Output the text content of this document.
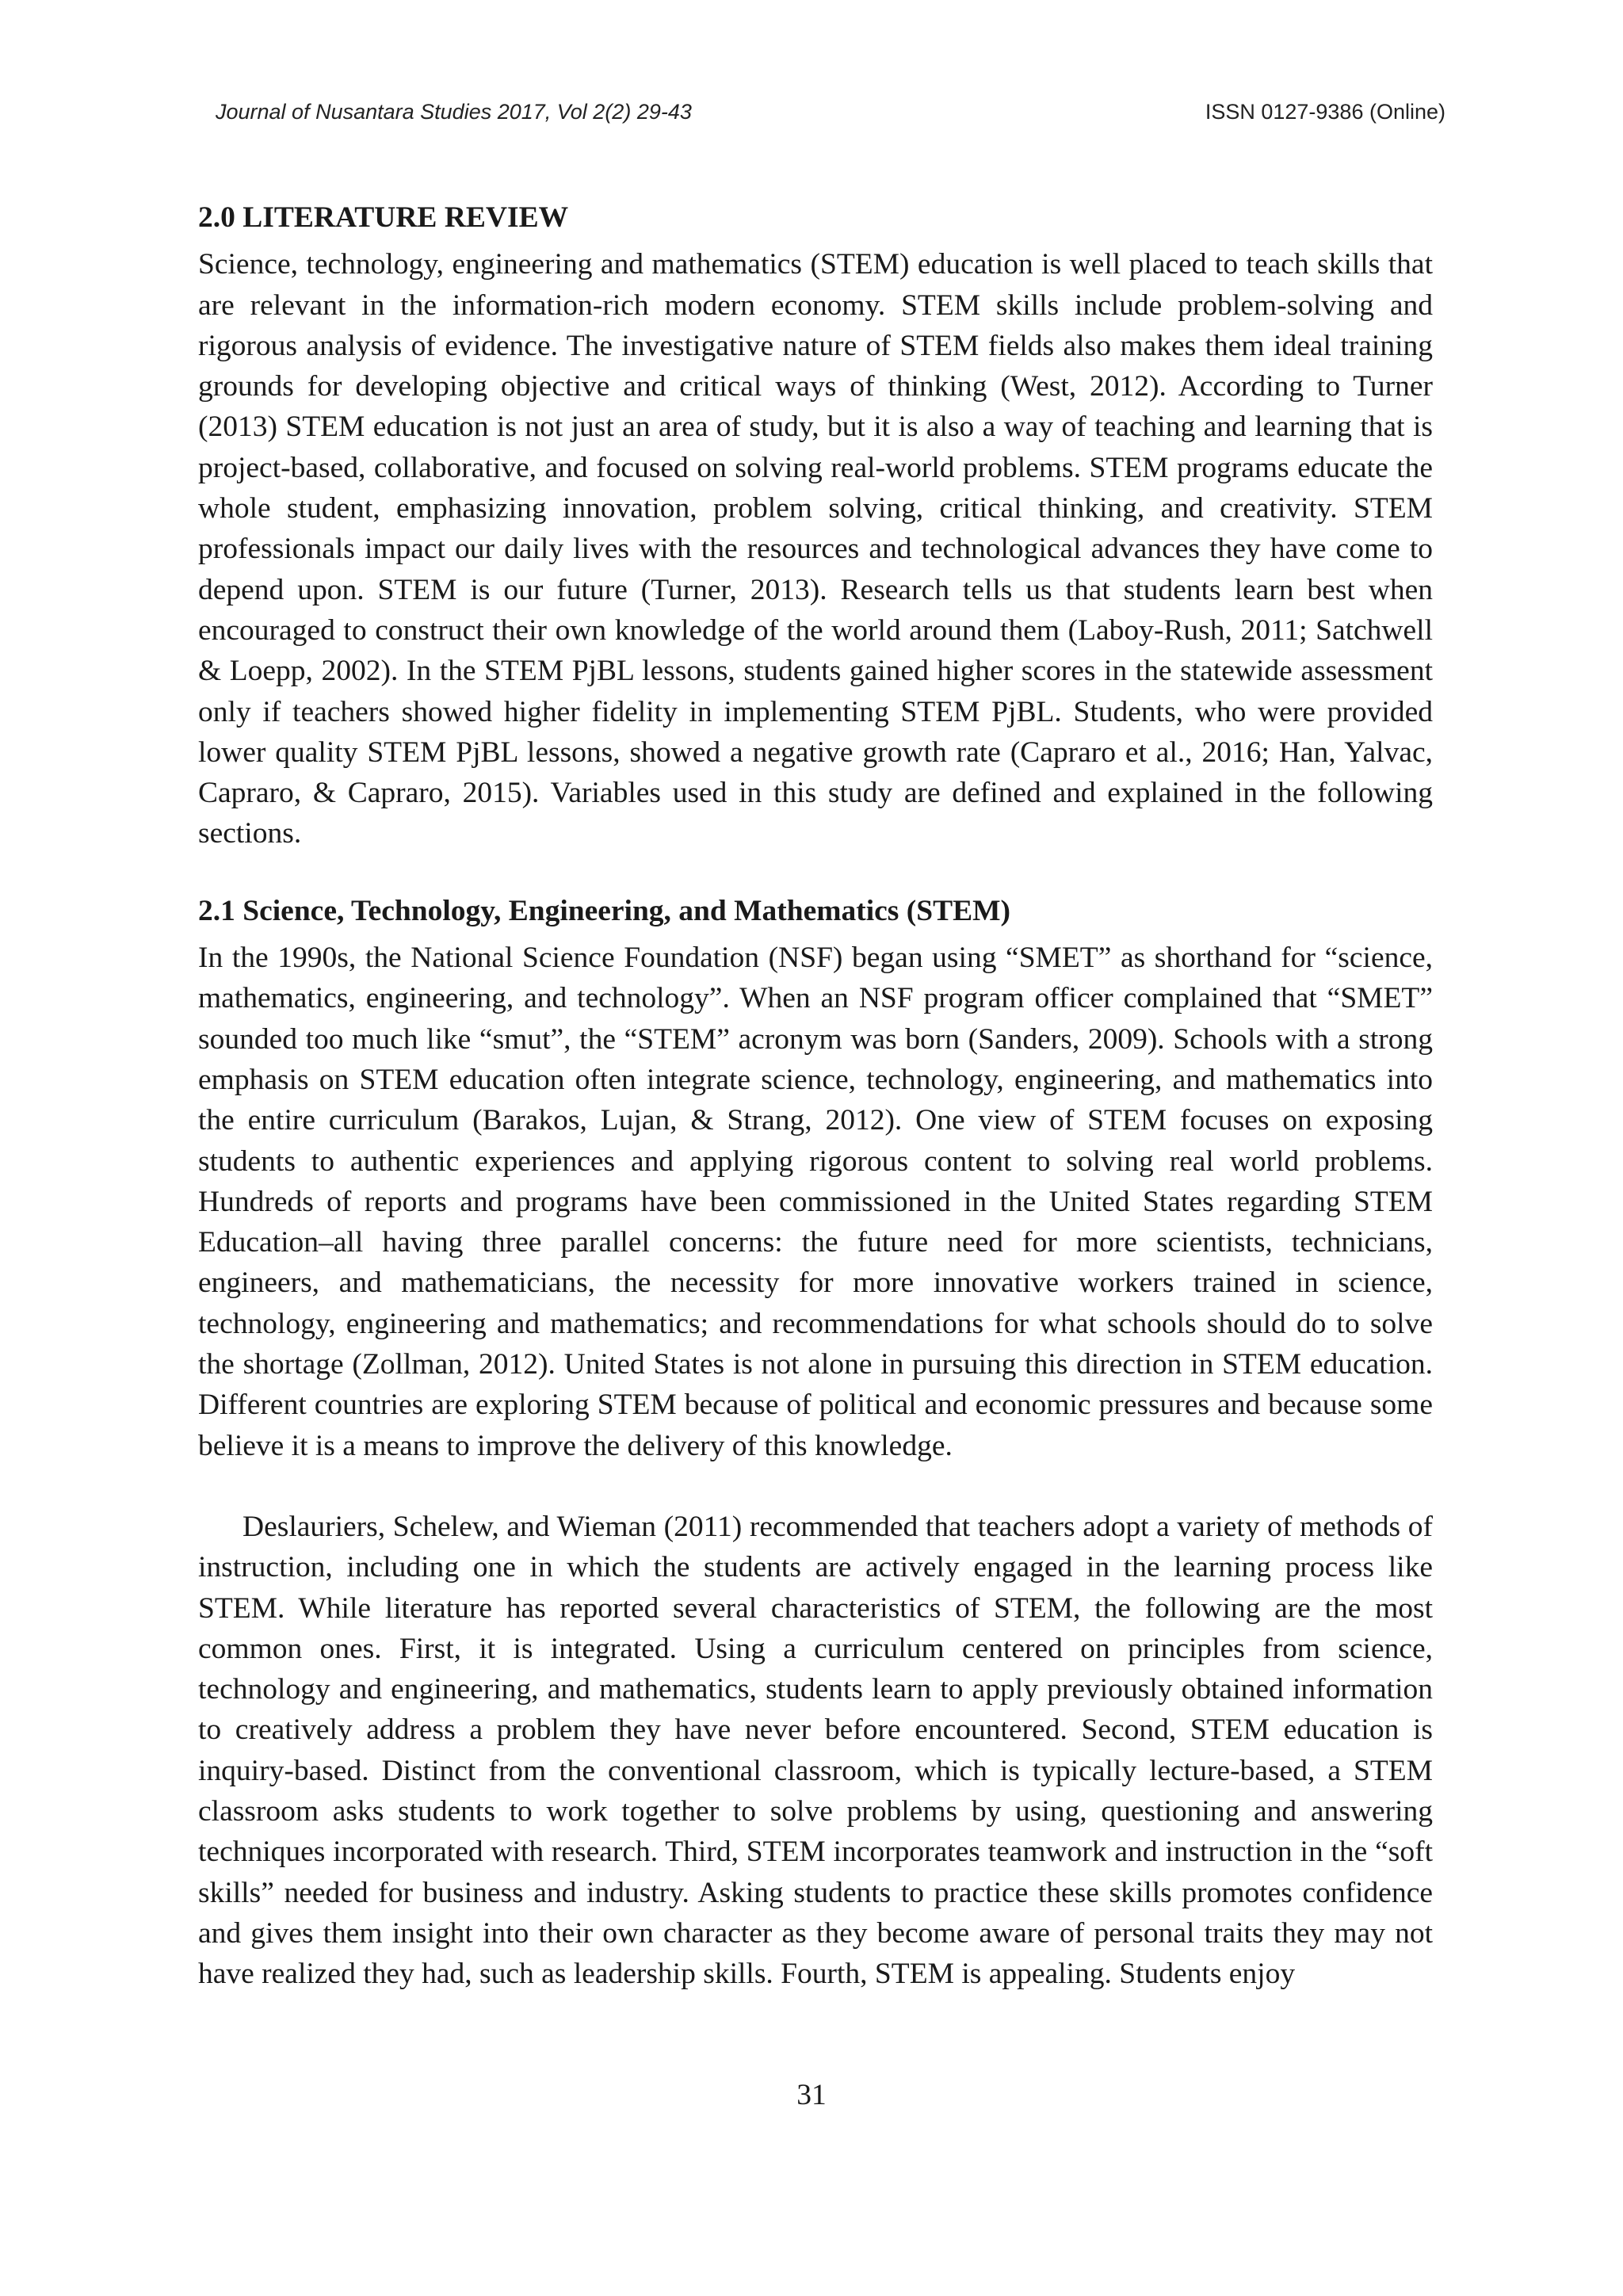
Journal of Nusantara Studies 2017, Vol 2(2) 29-43	ISSN 0127-9386 (Online)
2.0 LITERATURE REVIEW

Science, technology, engineering and mathematics (STEM) education is well placed to teach skills that are relevant in the information-rich modern economy. STEM skills include problem-solving and rigorous analysis of evidence. The investigative nature of STEM fields also makes them ideal training grounds for developing objective and critical ways of thinking (West, 2012). According to Turner (2013) STEM education is not just an area of study, but it is also a way of teaching and learning that is project-based, collaborative, and focused on solving real-world problems. STEM programs educate the whole student, emphasizing innovation, problem solving, critical thinking, and creativity. STEM professionals impact our daily lives with the resources and technological advances they have come to depend upon. STEM is our future (Turner, 2013). Research tells us that students learn best when encouraged to construct their own knowledge of the world around them (Laboy-Rush, 2011; Satchwell & Loepp, 2002). In the STEM PjBL lessons, students gained higher scores in the statewide assessment only if teachers showed higher fidelity in implementing STEM PjBL. Students, who were provided lower quality STEM PjBL lessons, showed a negative growth rate (Capraro et al., 2016; Han, Yalvac, Capraro, & Capraro, 2015). Variables used in this study are defined and explained in the following sections.

2.1 Science, Technology, Engineering, and Mathematics (STEM)

In the 1990s, the National Science Foundation (NSF) began using “SMET” as shorthand for “science, mathematics, engineering, and technology”. When an NSF program officer complained that “SMET” sounded too much like “smut”, the “STEM” acronym was born (Sanders, 2009). Schools with a strong emphasis on STEM education often integrate science, technology, engineering, and mathematics into the entire curriculum (Barakos, Lujan, & Strang, 2012). One view of STEM focuses on exposing students to authentic experiences and applying rigorous content to solving real world problems. Hundreds of reports and programs have been commissioned in the United States regarding STEM Education–all having three parallel concerns: the future need for more scientists, technicians, engineers, and mathematicians, the necessity for more innovative workers trained in science, technology, engineering and mathematics; and recommendations for what schools should do to solve the shortage (Zollman, 2012). United States is not alone in pursuing this direction in STEM education. Different countries are exploring STEM because of political and economic pressures and because some believe it is a means to improve the delivery of this knowledge.

Deslauriers, Schelew, and Wieman (2011) recommended that teachers adopt a variety of methods of instruction, including one in which the students are actively engaged in the learning process like STEM. While literature has reported several characteristics of STEM, the following are the most common ones. First, it is integrated. Using a curriculum centered on principles from science, technology and engineering, and mathematics, students learn to apply previously obtained information to creatively address a problem they have never before encountered. Second, STEM education is inquiry-based. Distinct from the conventional classroom, which is typically lecture-based, a STEM classroom asks students to work together to solve problems by using, questioning and answering techniques incorporated with research. Third, STEM incorporates teamwork and instruction in the “soft skills” needed for business and industry. Asking students to practice these skills promotes confidence and gives them insight into their own character as they become aware of personal traits they may not have realized they had, such as leadership skills. Fourth, STEM is appealing. Students enjoy

31
